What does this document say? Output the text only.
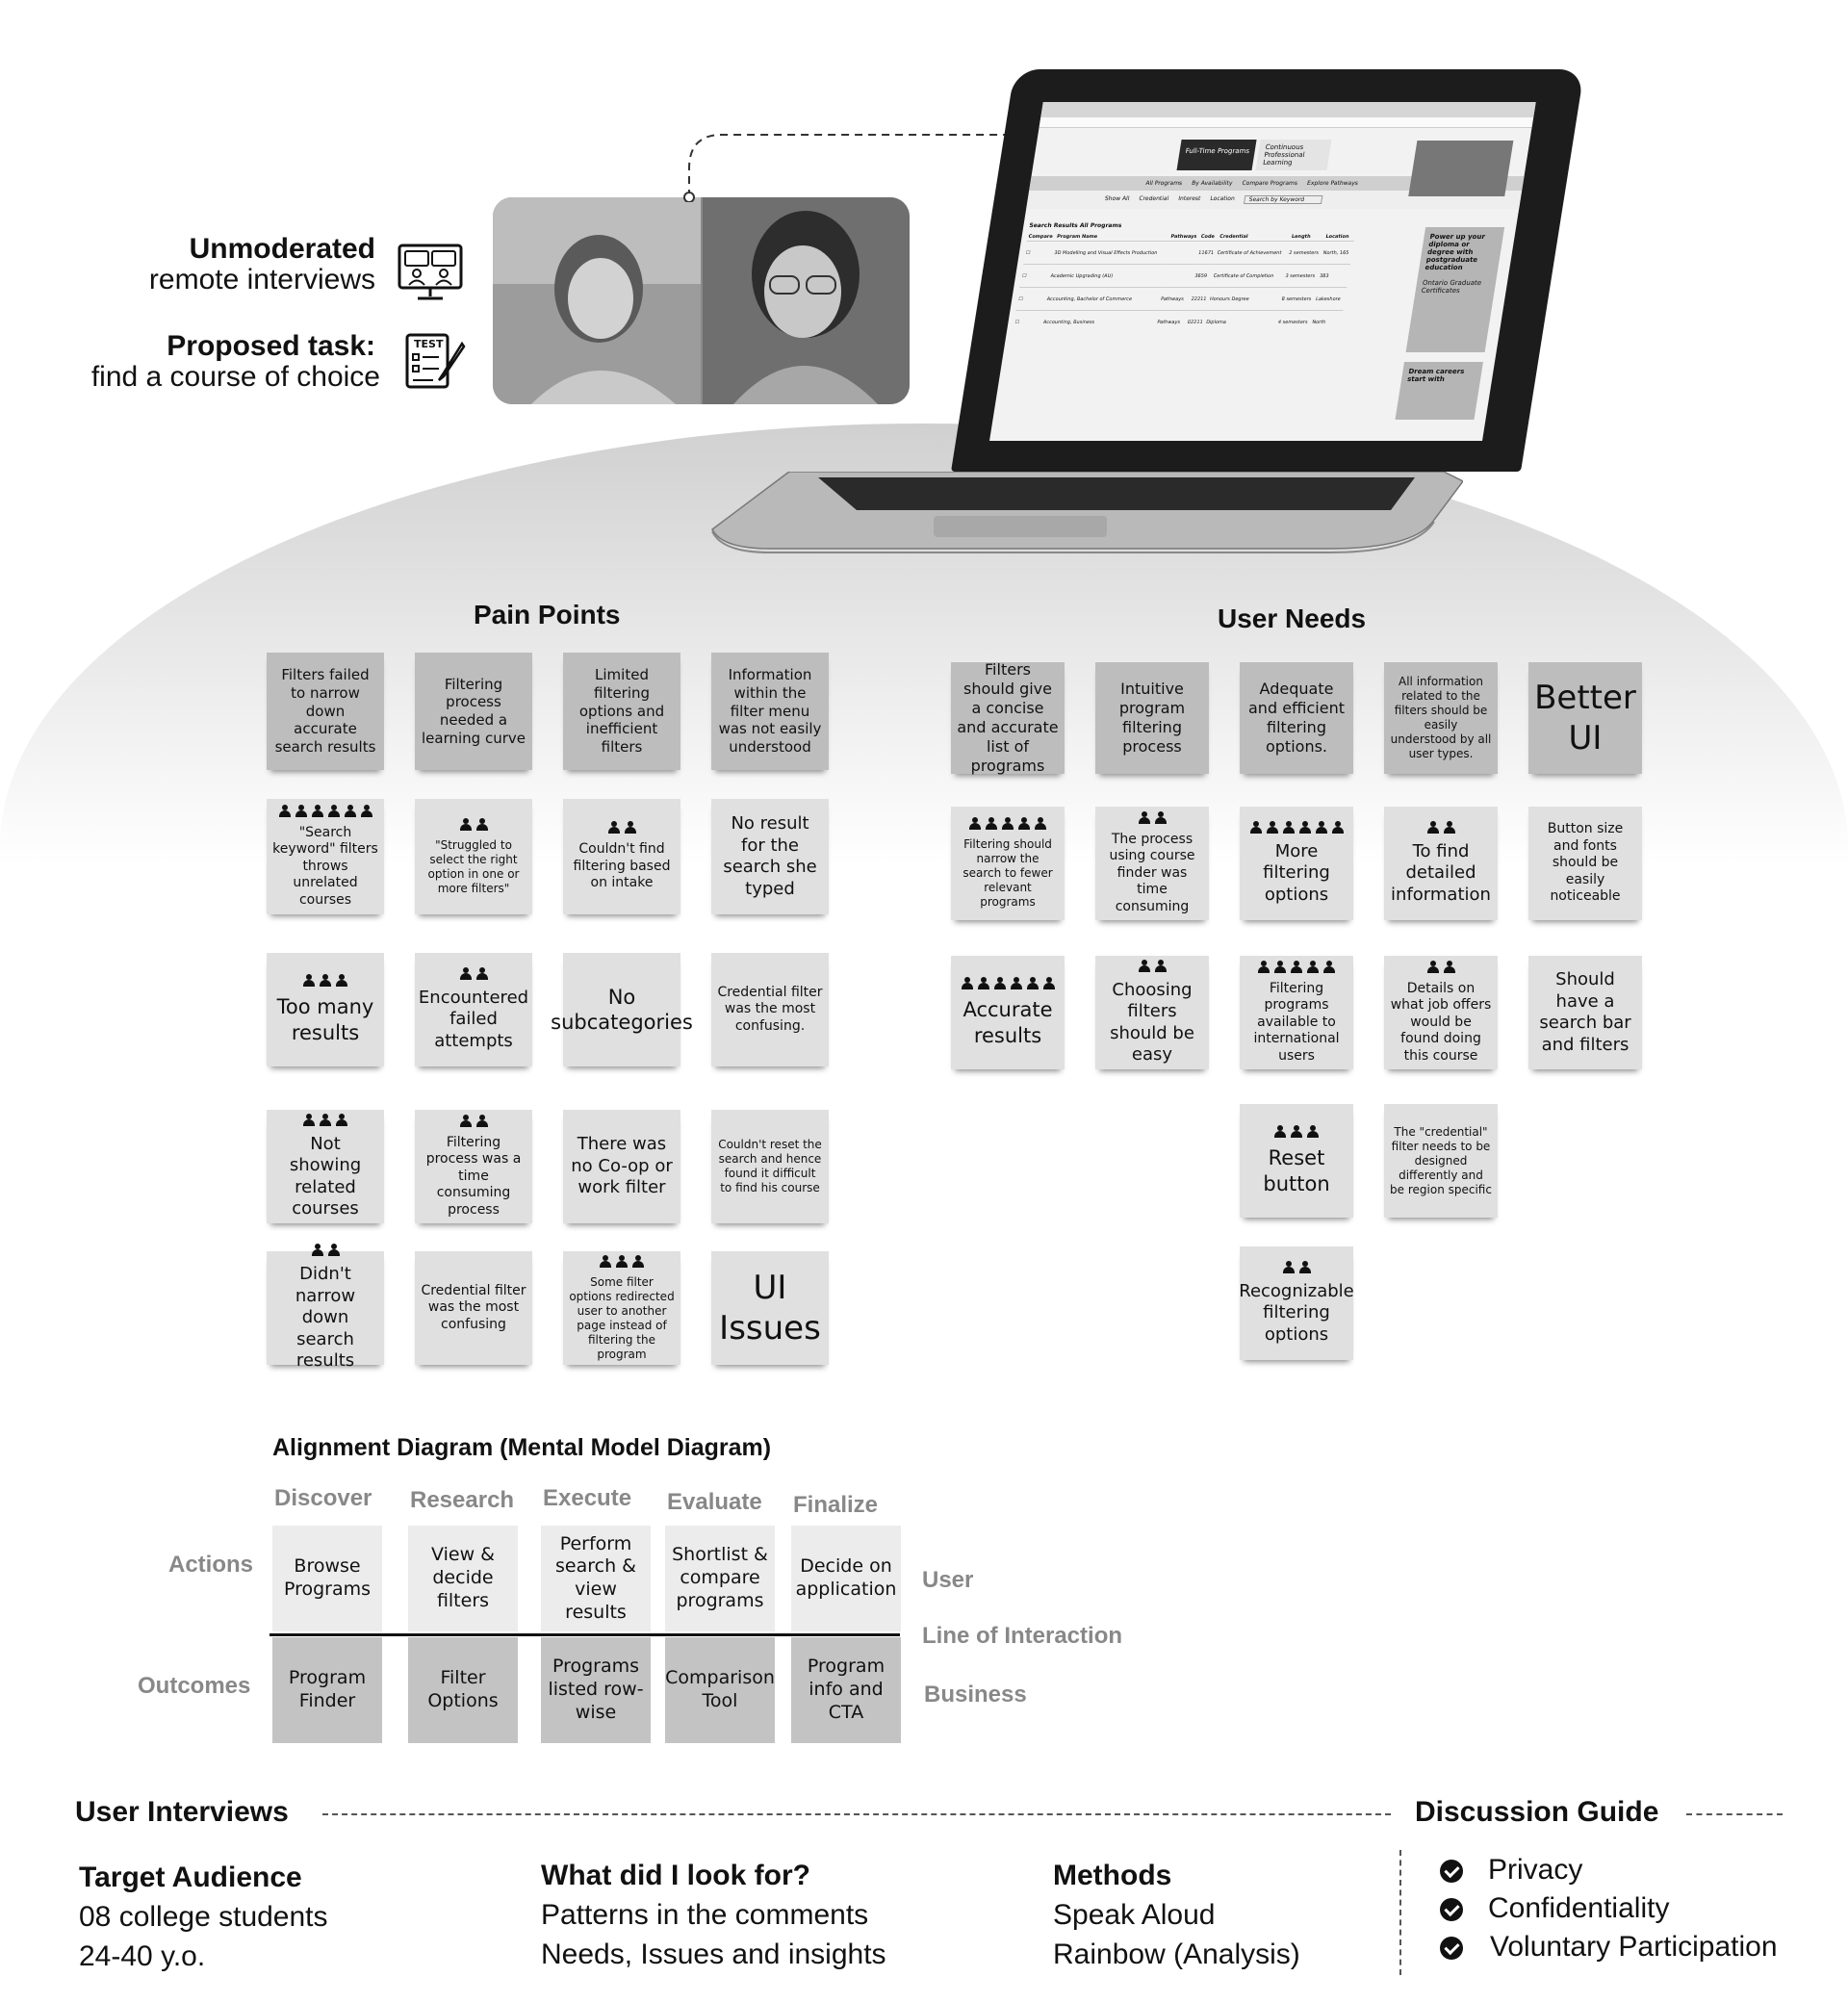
Unmoderated
remote interviews
Proposed task:
find a course of choice
TEST
Full-Time Programs	Continuous Professional Learning
All Programs By Availability Compare Programs Explore Pathways
Show All Credential Interest Location	Search by Keyword
Search Results All Programs
Compare	Program Name	Pathways	Code	Credential	Length	Location
☐	3D Modelling and Visual Effects Production		11671	Certificate of Achievement	2 semesters	North, 165
☐	Academic Upgrading (AU)		3659	Certificate of Completion	3 semesters	383
☐	Accounting, Bachelor of Commerce	Pathways	22211	Honours Degree	8 semesters	Lakeshore
☐	Accounting, Business	Pathways	02211	Diploma	4 semesters	North
Power up your diploma or degree with postgraduate education
Ontario Graduate Certificates
Dream careers start with
Pain Points	User Needs
Filters failed to narrow down accurate search results
"Search keyword" filters throws unrelated courses
Too many results
Not showing related courses
Didn't narrow down search results
Filtering process needed a learning curve
"Struggled to select the right option in one or more filters"
Encountered failed attempts
Filtering process was a time consuming process
Credential filter was the most confusing
Limited filtering options and inefficient filters
Couldn't find filtering based on intake
No subcategories
There was no Co-op or work filter
Some filter options redirected user to another page instead of filtering the program
Information within the filter menu was not easily understood
No result for the search she typed
Credential filter was the most confusing.
Couldn't reset the search and hence found it difficult to find his course
UI Issues
Filters should give a concise and accurate list of programs
Filtering should narrow the search to fewer relevant programs
Accurate results
Intuitive program filtering process
The process using course finder was time consuming
Choosing filters should be easy
Adequate and efficient filtering options.
More filtering options
Filtering programs available to international users
Reset button
Recognizable filtering options
All information related to the filters should be easily understood by all user types.
To find detailed information
Details on what job offers would be found doing this course
The "credential" filter needs to be designed differently and be region specific
Better UI
Button size and fonts should be easily noticeable
Should have a search bar and filters
Alignment Diagram (Mental Model Diagram)
Discover
Browse Programs
Program Finder
Research
View & decide filters
Filter Options
Execute
Perform search & view results
Programs listed row-wise
Evaluate
Shortlist & compare programs
Comparison Tool
Finalize
Decide on application
Program info and CTA
Actions
Outcomes
User
Line of Interaction
Business
User Interviews	Discussion Guide
Target Audience
08 college students
24-40 y.o.
What did I look for?
Patterns in the comments
Needs, Issues and insights
Methods
Speak Aloud
Rainbow (Analysis)
Privacy
Confidentiality
Voluntary Participation
